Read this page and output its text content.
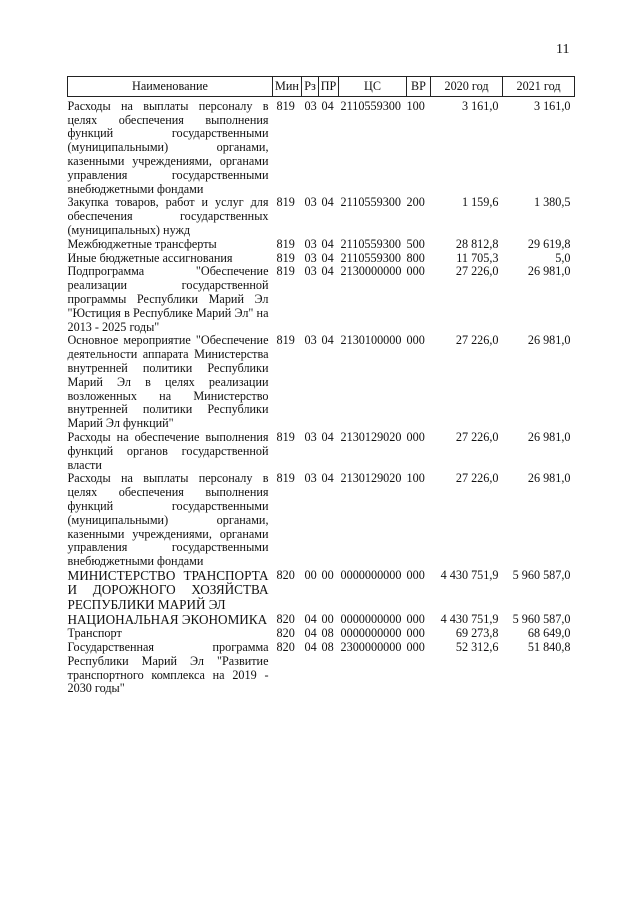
11
Наименование	Мин	Рз	ПР	ЦС	ВР	2020 год	2021 год
Расходы на выплаты персоналу в целях обеспечения выполнения функций государственными (муниципальными) органами, казенными учреждениями, органами управления государственными внебюджетными фондами	819	03	04	2110559300	100	3 161,0	3 161,0
Закупка товаров, работ и услуг для обеспечения государственных (муниципальных) нужд	819	03	04	2110559300	200	1 159,6	1 380,5
Межбюджетные трансферты	819	03	04	2110559300	500	28 812,8	29 619,8
Иные бюджетные ассигнования	819	03	04	2110559300	800	11 705,3	5,0
Подпрограмма "Обеспечение реализации государственной программы Республики Марий Эл "Юстиция в Республике Марий Эл" на 2013 - 2025 годы"	819	03	04	2130000000	000	27 226,0	26 981,0
Основное мероприятие "Обеспечение деятельности аппарата Министерства внутренней политики Республики Марий Эл в целях реализации возложенных на Министерство внутренней политики Республики Марий Эл функций"	819	03	04	2130100000	000	27 226,0	26 981,0
Расходы на обеспечение выполнения функций органов государственной власти	819	03	04	2130129020	000	27 226,0	26 981,0
Расходы на выплаты персоналу в целях обеспечения выполнения функций государственными (муниципальными) органами, казенными учреждениями, органами управления государственными внебюджетными фондами	819	03	04	2130129020	100	27 226,0	26 981,0
МИНИСТЕРСТВО ТРАНСПОРТА И ДОРОЖНОГО ХОЗЯЙСТВА РЕСПУБЛИКИ МАРИЙ ЭЛ	820	00	00	0000000000	000	4 430 751,9	5 960 587,0
НАЦИОНАЛЬНАЯ ЭКОНОМИКА	820	04	00	0000000000	000	4 430 751,9	5 960 587,0
Транспорт	820	04	08	0000000000	000	69 273,8	68 649,0
Государственная программа Республики Марий Эл "Развитие транспортного комплекса на 2019 - 2030 годы"	820	04	08	2300000000	000	52 312,6	51 840,8
